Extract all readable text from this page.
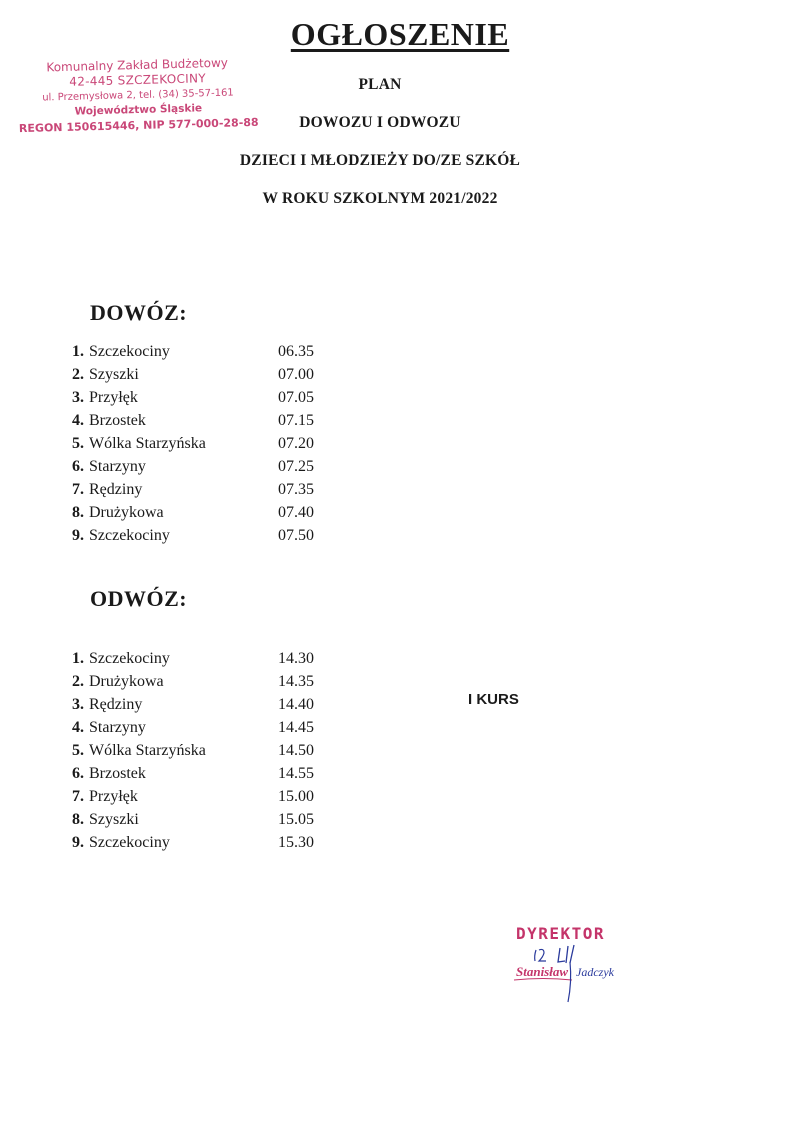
OGŁOSZENIE
Komunalny Zakład Budżetowy
42-445 SZCZEKOCINY
ul. Przemysłowa 2, tel. (34) 35-57-161
Województwo Śląskie
REGON 150615446, NIP 577-000-28-88
PLAN
DOWOZU I ODWOZU
DZIECI I MŁODZIEŻY DO/ZE SZKÓŁ
W ROKU SZKOLNYM 2021/2022
DOWÓZ:
1. Szczekociny	06.35
2. Szyszki	07.00
3. Przyłęk	07.05
4. Brzostek	07.15
5. Wólka Starzyńska	07.20
6. Starzyny	07.25
7. Rędziny	07.35
8. Drużykowa	07.40
9. Szczekociny	07.50
ODWÓZ:
1. Szczekociny	14.30
2. Drużykowa	14.35
3. Rędziny	14.40
4. Starzyny	14.45
5. Wólka Starzyńska	14.50
6. Brzostek	14.55
7. Przyłęk	15.00
8. Szyszki	15.05
9. Szczekociny	15.30
I KURS
DYREKTOR
Stanisław Jadczyk
